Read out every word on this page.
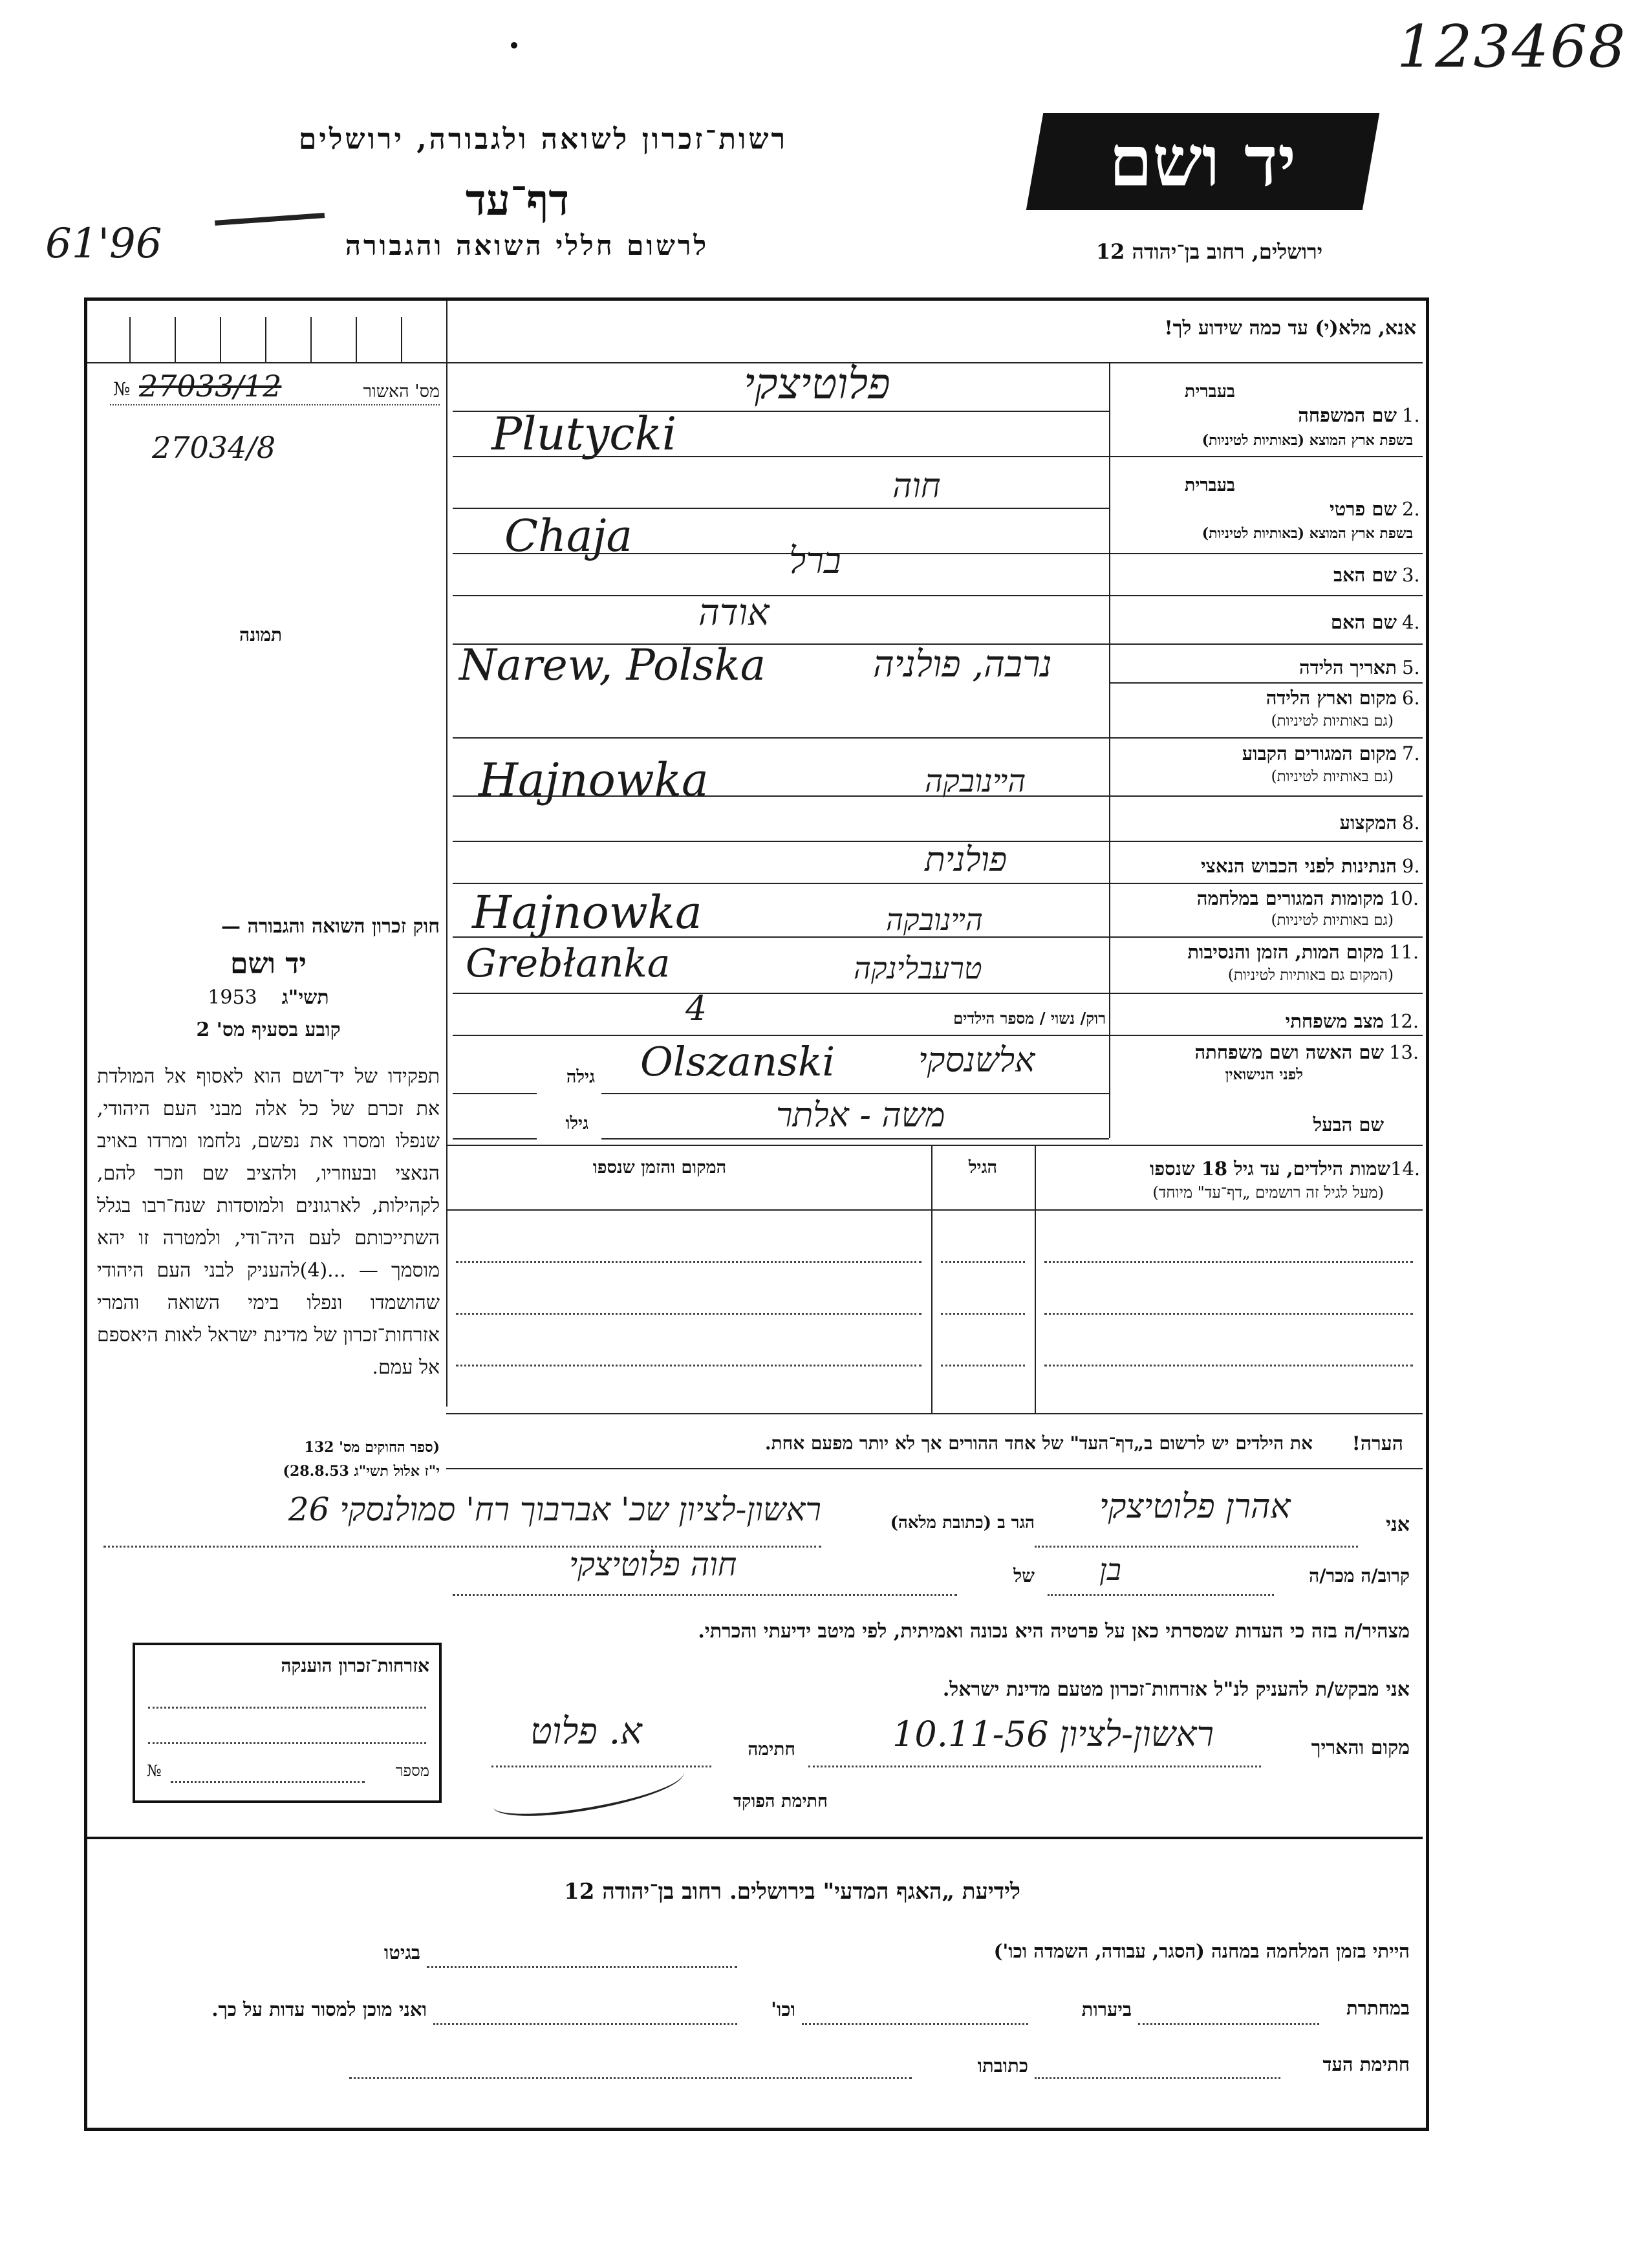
123468
61'96
רשות־זכרון לשואה ולגבורה, ירושלים
דף־עד
לרשום חללי השואה והגבורה
יד ושם
ירושלים, רחוב בן־יהודה 12
אנא, מלא(י) עד כמה שידוע לך!
№ 27033/12	מס' האשור
27034/8
תמונה
בעברית
שם המשפחה 1.
בשפת ארץ המוצא (באותיות לטיניות)
פלוטיצקי
Plutycki
בעברית
שם פרטי 2.
בשפת ארץ המוצא (באותיות לטיניות)
חוה
Chaja
שם האב 3.
ברל
שם האם 4.
אודה
תאריך הלידה 5.
מקום וארץ הלידה 6.
(גם באותיות לטיניות)
Narew, Polska	נרבה, פולניה
מקום המגורים הקבוע 7.
(גם באותיות לטיניות)
Hajnowka	הײנובקה
המקצוע 8.
הנתינות לפני הכבוש הנאצי 9.
פולנית
מקומות המגורים במלחמה 10.
(גם באותיות לטיניות)
Hajnowka	הײנובקה
מקום המות, הזמן והנסיבות 11.
(המקום גם באותיות לטיניות)
Grebłanka	טרעבלינקה
מצב משפחתי 12.
רוק/ נשוי / מספר הילדים
4
שם האשה ושם משפחתה 13.
לפני הנישואין
גילה Olszanski אלשנסקי
שם הבעל
גילו	משה - אלתר
שמות הילדים, עד גיל 18 שנספו 14.
(מעל לגיל זה רושמים „דף־עד" מיוחד)
הגיל
המקום והזמן שנספו
הערה!
את הילדים יש לרשום ב„דף־העד" של אחד ההורים אך לא יותר מפעם אחת.
חוק זכרון השואה והגבורה —
יד ושם
1953 תשי"ג
קובע בסעיף מס' 2
תפקידו של יד־ושם הוא לאסוף אל המולדת את זכרם של כל אלה מבני העם היהודי, שנפלו ומסרו את נפשם, נלחמו ומרדו באויב הנאצי ובעוזריו, ולהציב שם וזכר להם, לקהילות, לארגונים ולמוסדות שנח־רבו בגלל השתייכותם לעם היה־ודי, ולמטרה זו יהא מוסמך — ...(4)להעניק לבני העם היהודי שהושמדו ונפלו בימי השואה והמרי אזרחות־זכרון של מדינת ישראל לאות היאספם אל עמם.
(ספר החוקים מס' 132
י"ז אלול תשי"ג 28.8.53)
אני
אהרן פלוטיצקי
הגר ב (כתובת מלאה)
ראשון-לציון שכ' אברבוך רח' סמולנסקי 26
קרוב/ה מכר/ה
בן
של
חוה פלוטיצקי
מצהיר/ה בזה כי העדות שמסרתי כאן על פרטיה היא נכונה ואמיתית, לפי מיטב ידיעתי והכרתי.
אני מבקש/ת להעניק לנ"ל אזרחות־זכרון מטעם מדינת ישראל.
מקום והאריך
ראשון-לציון 10.11-56
חתימה
א. פלוט
חתימת הפוקד
אזרחות־זכרון הוענקה
№	מספר
לידיעת „האגף המדעי" בירושלים. רחוב בן־יהודה 12
הייתי בזמן המלחמה במחנה (הסגר, עבודה, השמדה וכו')
בגיטו
במחתרת
ביערות
וכו'
ואני מוכן למסור עדות על כך.
חתימת העד
כתובתו
